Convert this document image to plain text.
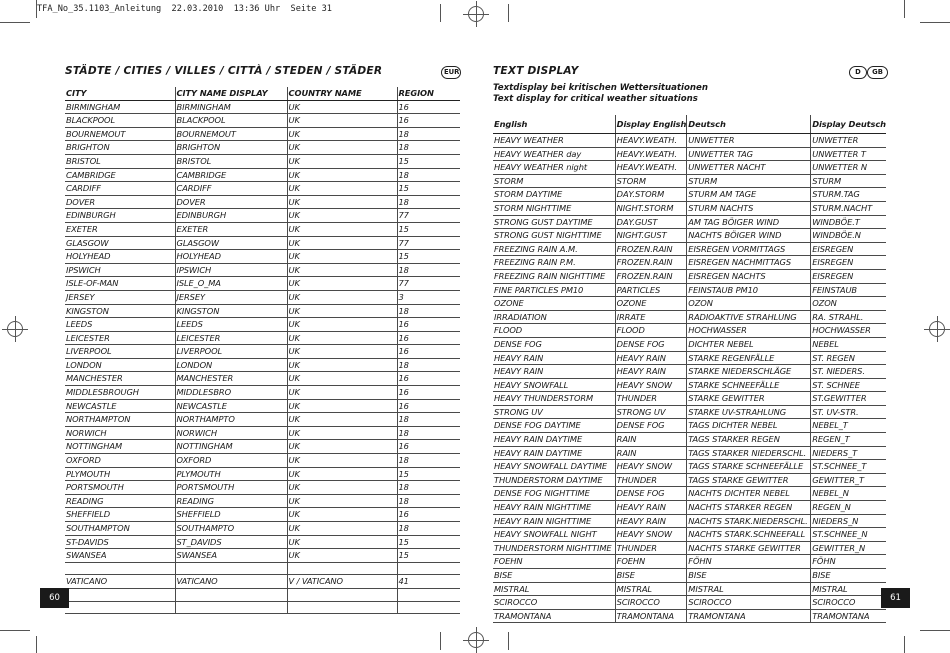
TFA_No_35.1103_Anleitung  22.03.2010  13:36 Uhr  Seite 31
STÄDTE / CITIES / VILLES / CITTÀ / STEDEN / STÄDER	EUR
CITY	CITY NAME DISPLAY	COUNTRY NAME	REGION
BIRMINGHAM	BIRMINGHAM	UK	16
BLACKPOOL	BLACKPOOL	UK	16
BOURNEMOUT	BOURNEMOUT	UK	18
BRIGHTON	BRIGHTON	UK	18
BRISTOL	BRISTOL	UK	15
CAMBRIDGE	CAMBRIDGE	UK	18
CARDIFF	CARDIFF	UK	15
DOVER	DOVER	UK	18
EDINBURGH	EDINBURGH	UK	77
EXETER	EXETER	UK	15
GLASGOW	GLASGOW	UK	77
HOLYHEAD	HOLYHEAD	UK	15
IPSWICH	IPSWICH	UK	18
ISLE-OF-MAN	ISLE_O_MA	UK	77
JERSEY	JERSEY	UK	3
KINGSTON	KINGSTON	UK	18
LEEDS	LEEDS	UK	16
LEICESTER	LEICESTER	UK	16
LIVERPOOL	LIVERPOOL	UK	16
LONDON	LONDON	UK	18
MANCHESTER	MANCHESTER	UK	16
MIDDLESBROUGH	MIDDLESBRO	UK	16
NEWCASTLE	NEWCASTLE	UK	16
NORTHAMPTON	NORTHAMPTO	UK	18
NORWICH	NORWICH	UK	18
NOTTINGHAM	NOTTINGHAM	UK	16
OXFORD	OXFORD	UK	18
PLYMOUTH	PLYMOUTH	UK	15
PORTSMOUTH	PORTSMOUTH	UK	18
READING	READING	UK	18
SHEFFIELD	SHEFFIELD	UK	16
SOUTHAMPTON	SOUTHAMPTO	UK	18
ST-DAVIDS	ST_DAVIDS	UK	15
SWANSEA	SWANSEA	UK	15

VATICANO	VATICANO	V / VATICANO	41

60
TEXT DISPLAY	D	GB
Textdisplay bei kritischen Wettersituationen
Text display for critical weather situations
English	Display English	Deutsch	Display Deutsch
HEAVY WEATHER	HEAVY.WEATH.	UNWETTER	UNWETTER
HEAVY WEATHER day	HEAVY.WEATH.	UNWETTER TAG	UNWETTER T
HEAVY WEATHER night	HEAVY.WEATH.	UNWETTER NACHT	UNWETTER N
STORM	STORM	STURM	STURM
STORM DAYTIME	DAY.STORM	STURM AM TAGE	STURM.TAG
STORM NIGHTTIME	NIGHT.STORM	STURM NACHTS	STURM.NACHT
STRONG GUST DAYTIME	DAY.GUST	AM TAG BÖIGER WIND	WINDBÖE.T
STRONG GUST NIGHTTIME	NIGHT.GUST	NACHTS BÖIGER WIND	WINDBÖE.N
FREEZING RAIN A.M.	FROZEN.RAIN	EISREGEN VORMITTAGS	EISREGEN
FREEZING RAIN P.M.	FROZEN.RAIN	EISREGEN NACHMITTAGS	EISREGEN
FREEZING RAIN NIGHTTIME	FROZEN.RAIN	EISREGEN NACHTS	EISREGEN
FINE PARTICLES PM10	PARTICLES	FEINSTAUB PM10	FEINSTAUB
OZONE	OZONE	OZON	OZON
IRRADIATION	IRRATE	RADIOAKTIVE STRAHLUNG	RA. STRAHL.
FLOOD	FLOOD	HOCHWASSER	HOCHWASSER
DENSE FOG	DENSE FOG	DICHTER NEBEL	NEBEL
HEAVY RAIN	HEAVY RAIN	STARKE REGENFÄLLE	ST. REGEN
HEAVY RAIN	HEAVY RAIN	STARKE NIEDERSCHLÄGE	ST. NIEDERS.
HEAVY SNOWFALL	HEAVY SNOW	STARKE SCHNEEFÄLLE	ST. SCHNEE
HEAVY THUNDERSTORM	THUNDER	STARKE GEWITTER	ST.GEWITTER
STRONG UV	STRONG UV	STARKE UV-STRAHLUNG	ST. UV-STR.
DENSE FOG DAYTIME	DENSE FOG	TAGS DICHTER NEBEL	NEBEL_T
HEAVY RAIN DAYTIME	RAIN	TAGS STARKER REGEN	REGEN_T
HEAVY RAIN DAYTIME	RAIN	TAGS STARKER NIEDERSCHL.	NIEDERS_T
HEAVY SNOWFALL DAYTIME	HEAVY SNOW	TAGS STARKE SCHNEEFÄLLE	ST.SCHNEE_T
THUNDERSTORM DAYTIME	THUNDER	TAGS STARKE GEWITTER	GEWITTER_T
DENSE FOG NIGHTTIME	DENSE FOG	NACHTS DICHTER NEBEL	NEBEL_N
HEAVY RAIN NIGHTTIME	HEAVY RAIN	NACHTS STARKER REGEN	REGEN_N
HEAVY RAIN NIGHTTIME	HEAVY RAIN	NACHTS STARK.NIEDERSCHL.	NIEDERS_N
HEAVY SNOWFALL NIGHT	HEAVY SNOW	NACHTS STARK.SCHNEEFALL	ST.SCHNEE_N
THUNDERSTORM NIGHTTIME	THUNDER	NACHTS STARKE GEWITTER	GEWITTER_N
FOEHN	FOEHN	FÖHN	FÖHN
BISE	BISE	BISE	BISE
MISTRAL	MISTRAL	MISTRAL	MISTRAL
SCIROCCO	SCIROCCO	SCIROCCO	SCIROCCO
TRAMONTANA	TRAMONTANA	TRAMONTANA	TRAMONTANA
61
